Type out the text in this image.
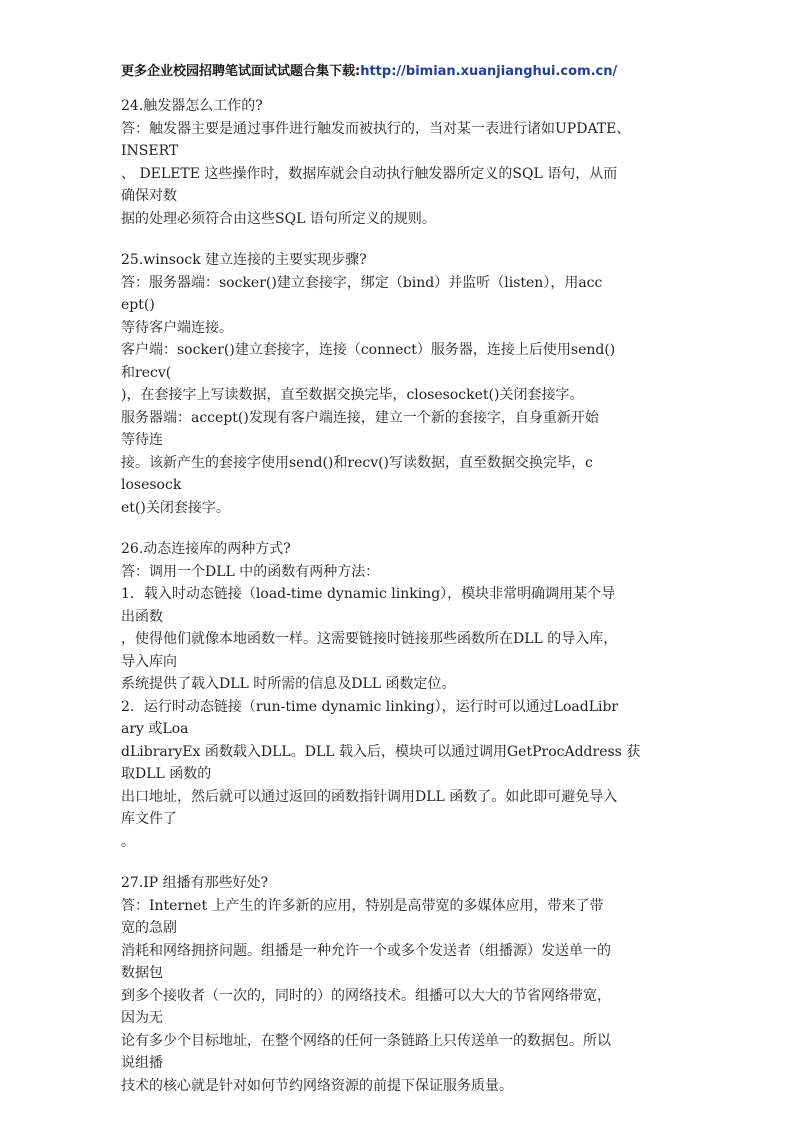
更多企业校园招聘笔试面试试题合集下载:http://bimian.xuanjianghui.com.cn/
24.触发器怎么工作的?
答：触发器主要是通过事件进行触发而被执行的，当对某一表进行诸如UPDATE、
INSERT
、 DELETE 这些操作时，数据库就会自动执行触发器所定义的SQL 语句，从而
确保对数
据的处理必须符合由这些SQL 语句所定义的规则。
25.winsock 建立连接的主要实现步骤?
答：服务器端：socker()建立套接字，绑定（bind）并监听（listen），用acc
ept()
等待客户端连接。
客户端：socker()建立套接字，连接（connect）服务器，连接上后使用send()
和recv(
)，在套接字上写读数据，直至数据交换完毕，closesocket()关闭套接字。
服务器端：accept()发现有客户端连接，建立一个新的套接字，自身重新开始
等待连
接。该新产生的套接字使用send()和recv()写读数据，直至数据交换完毕，c
losesock
et()关闭套接字。
26.动态连接库的两种方式?
答：调用一个DLL 中的函数有两种方法：
1．载入时动态链接（load-time dynamic linking），模块非常明确调用某个导
出函数
，使得他们就像本地函数一样。这需要链接时链接那些函数所在DLL 的导入库，
导入库向
系统提供了载入DLL 时所需的信息及DLL 函数定位。
2．运行时动态链接（run-time dynamic linking），运行时可以通过LoadLibr
ary 或Loa
dLibraryEx 函数载入DLL。DLL 载入后，模块可以通过调用GetProcAddress 获
取DLL 函数的
出口地址，然后就可以通过返回的函数指针调用DLL 函数了。如此即可避免导入
库文件了
。
27.IP 组播有那些好处?
答：Internet 上产生的许多新的应用，特别是高带宽的多媒体应用，带来了带
宽的急剧
消耗和网络拥挤问题。组播是一种允许一个或多个发送者（组播源）发送单一的
数据包
到多个接收者（一次的，同时的）的网络技术。组播可以大大的节省网络带宽，
因为无
论有多少个目标地址，在整个网络的任何一条链路上只传送单一的数据包。所以
说组播
技术的核心就是针对如何节约网络资源的前提下保证服务质量。
